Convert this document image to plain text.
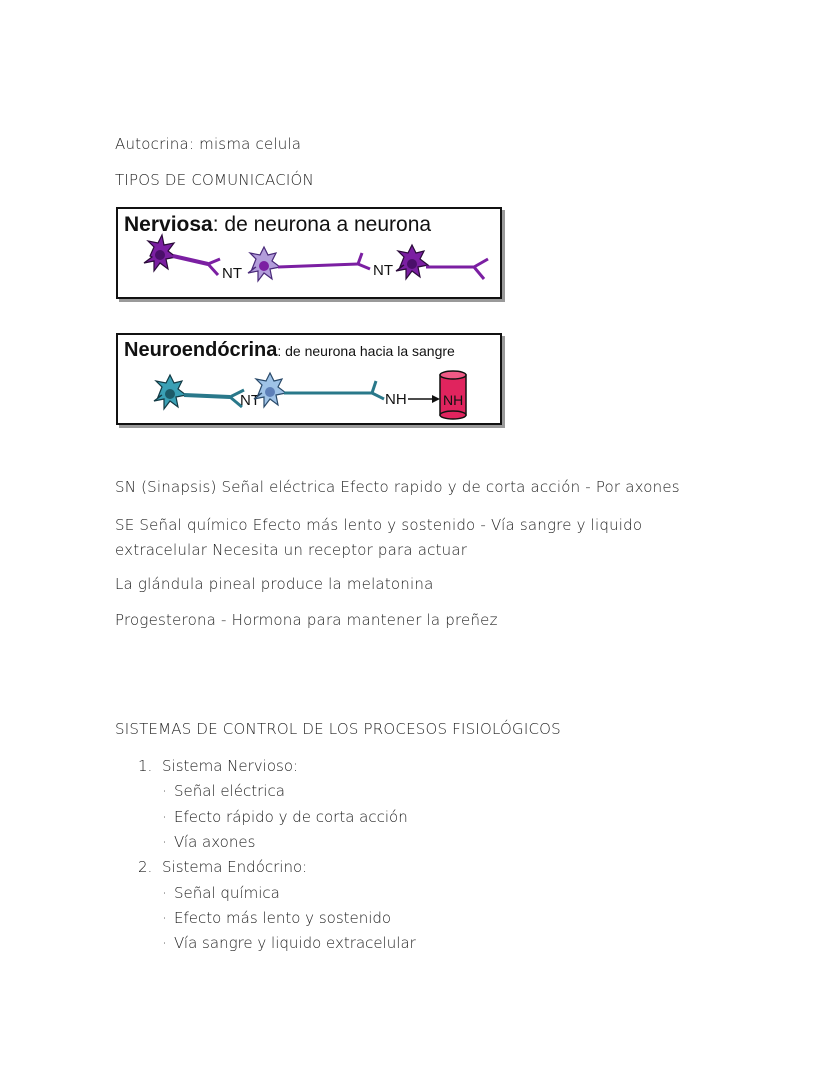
Autocrina: misma celula
TIPOS DE COMUNICACIÓN
Nerviosa: de neurona a neurona
NT	NT
Neuroendócrina: de neurona hacia la sangre
NT	NH	NH
SN (Sinapsis) Señal eléctrica Efecto rapido y de corta acción - Por axones
SE Señal químico Efecto más lento y sostenido - Vía sangre y liquido extracelular Necesita un receptor para actuar
La glándula pineal produce la melatonina
Progesterona - Hormona para mantener la preñez
SISTEMAS DE CONTROL DE LOS PROCESOS FISIOLÓGICOS
1. Sistema Nervioso:
· Señal eléctrica
· Efecto rápido y de corta acción
· Vía axones
2. Sistema Endócrino:
· Señal química
· Efecto más lento y sostenido
· Vía sangre y liquido extracelular
